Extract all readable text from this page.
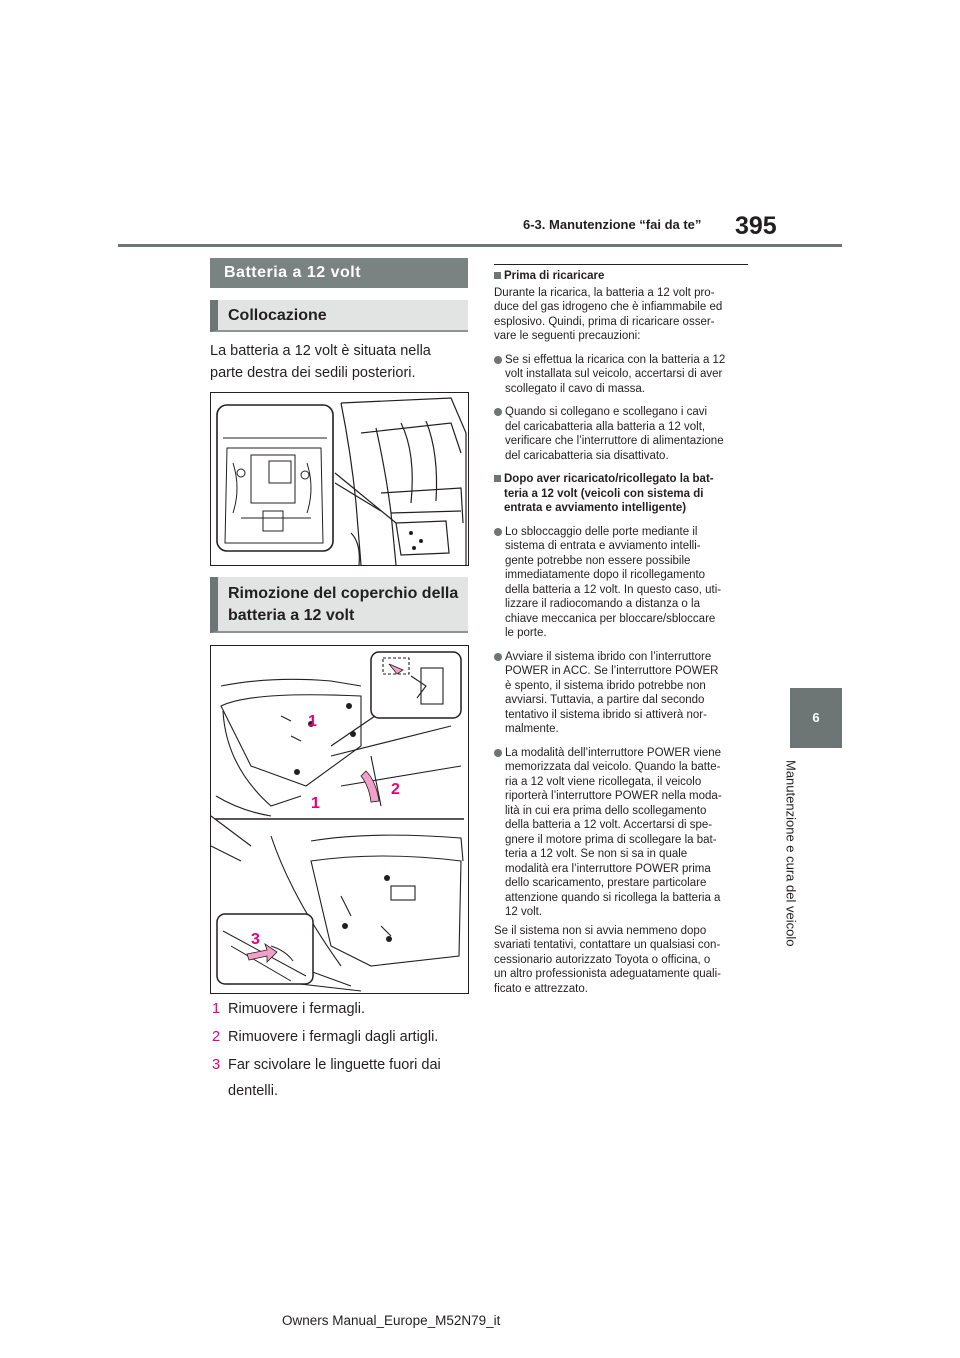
6-3. Manutenzione “fai da te” 395
6
Manutenzione e cura del veicolo
Batteria a 12 volt
Collocazione
La batteria a 12 volt è situata nella
parte destra dei sedili posteriori.
Rimozione del coperchio della
batteria a 12 volt
1
1
2
3
1 Rimuovere i fermagli.
2 Rimuovere i fermagli dagli artigli.
3 Far scivolare le linguette fuori dai
dentelli.

Prima di ricaricare

Durante la ricarica, la batteria a 12 volt pro-

duce del gas idrogeno che è infiammabile ed

esplosivo. Quindi, prima di ricaricare osser-

vare le seguenti precauzioni:

Se si effettua la ricarica con la batteria a 12

volt installata sul veicolo, accertarsi di aver

scollegato il cavo di massa.

Quando si collegano e scollegano i cavi

del caricabatteria alla batteria a 12 volt,

verificare che l’interruttore di alimentazione

del caricabatteria sia disattivato.

Dopo aver ricaricato/ricollegato la bat-

teria a 12 volt (veicoli con sistema di

entrata e avviamento intelligente)

Lo sbloccaggio delle porte mediante il

sistema di entrata e avviamento intelli-

gente potrebbe non essere possibile

immediatamente dopo il ricollegamento

della batteria a 12 volt. In questo caso, uti-

lizzare il radiocomando a distanza o la

chiave meccanica per bloccare/sbloccare

le porte.

Avviare il sistema ibrido con l’interruttore

POWER in ACC. Se l’interruttore POWER

è spento, il sistema ibrido potrebbe non

avviarsi. Tuttavia, a partire dal secondo

tentativo il sistema ibrido si attiverà nor-

malmente.

La modalità dell’interruttore POWER viene

memorizzata dal veicolo. Quando la batte-

ria a 12 volt viene ricollegata, il veicolo

riporterà l’interruttore POWER nella moda-

lità in cui era prima dello scollegamento

della batteria a 12 volt. Accertarsi di spe-

gnere il motore prima di scollegare la bat-

teria a 12 volt. Se non si sa in quale

modalità era l’interruttore POWER prima

dello scaricamento, prestare particolare

attenzione quando si ricollega la batteria a

12 volt.

Se il sistema non si avvia nemmeno dopo

svariati tentativi, contattare un qualsiasi con-

cessionario autorizzato Toyota o officina, o

un altro professionista adeguatamente quali-

ficato e attrezzato.

Owners Manual_Europe_M52N79_it
